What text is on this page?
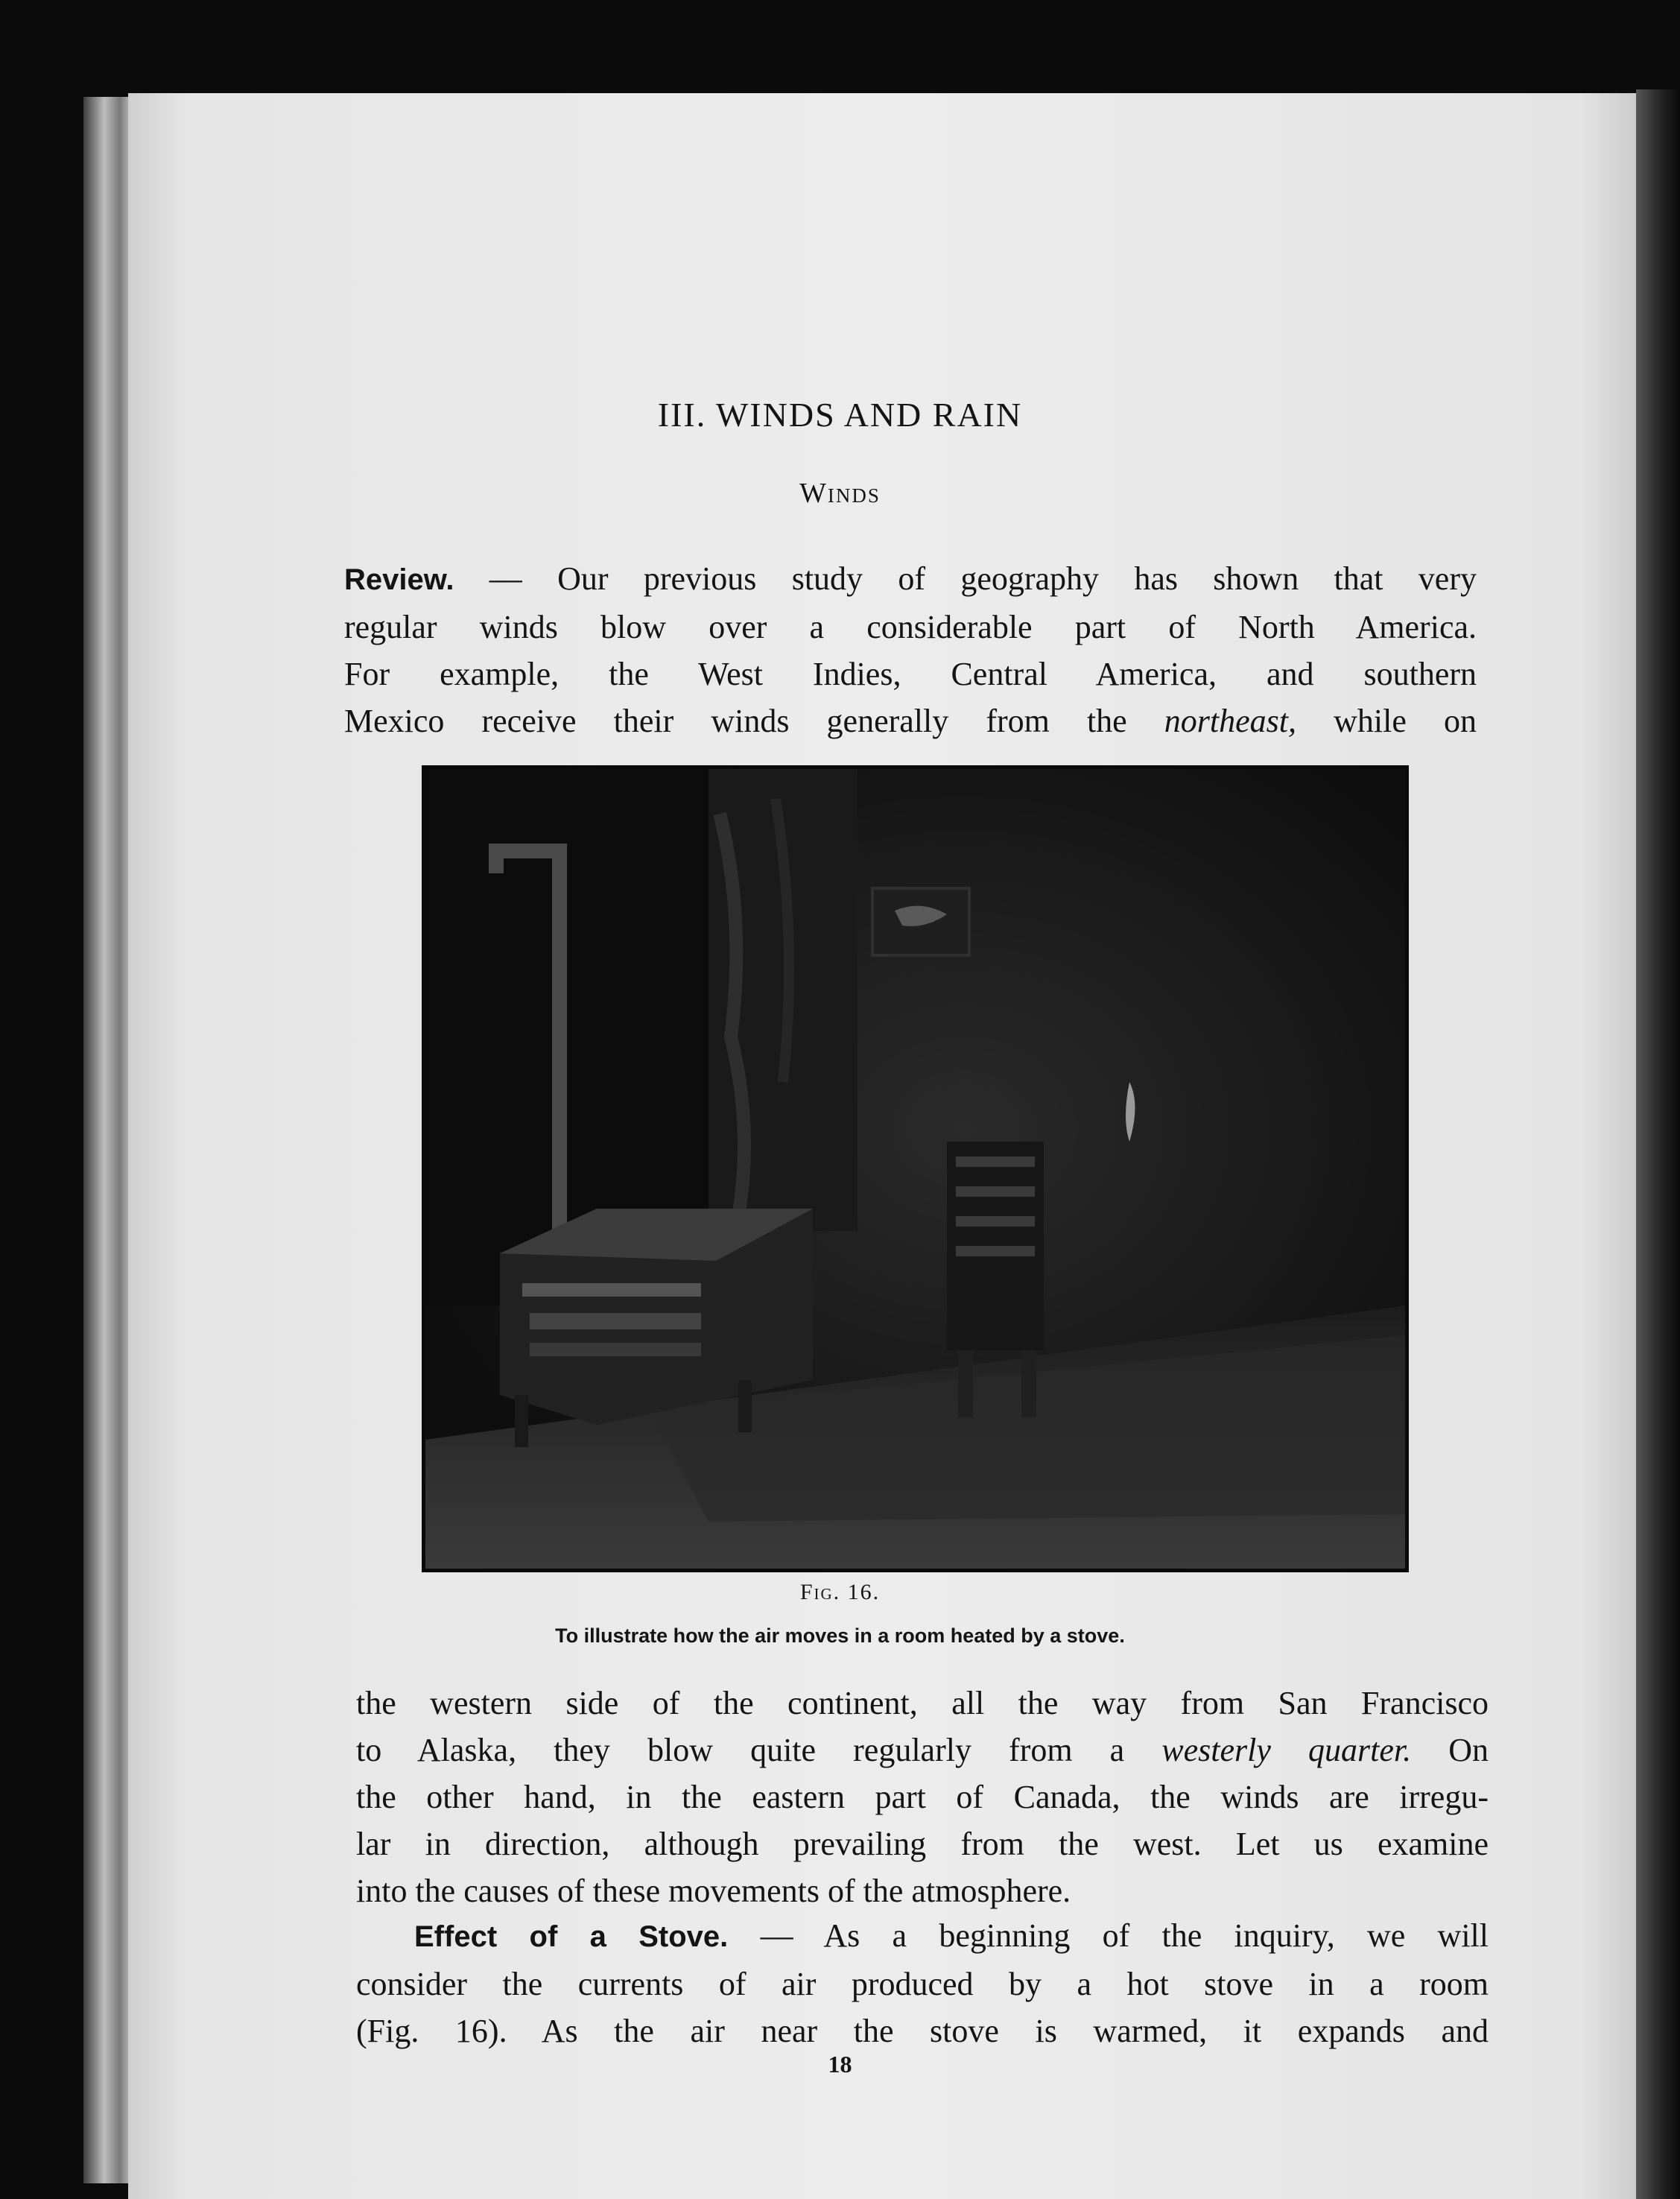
III. WINDS AND RAIN
Winds
Review. — Our previous study of geography has shown that very
regular winds blow over a considerable part of North America.
For example, the West Indies, Central America, and southern
Mexico receive their winds generally from the northeast, while on
Fig. 16.
To illustrate how the air moves in a room heated by a stove.
the western side of the continent, all the way from San Francisco
to Alaska, they blow quite regularly from a westerly quarter. On
the other hand, in the eastern part of Canada, the winds are irregu-
lar in direction, although prevailing from the west. Let us examine
into the causes of these movements of the atmosphere.
Effect of a Stove. — As a beginning of the inquiry, we will
consider the currents of air produced by a hot stove in a room
(Fig. 16). As the air near the stove is warmed, it expands and
18
